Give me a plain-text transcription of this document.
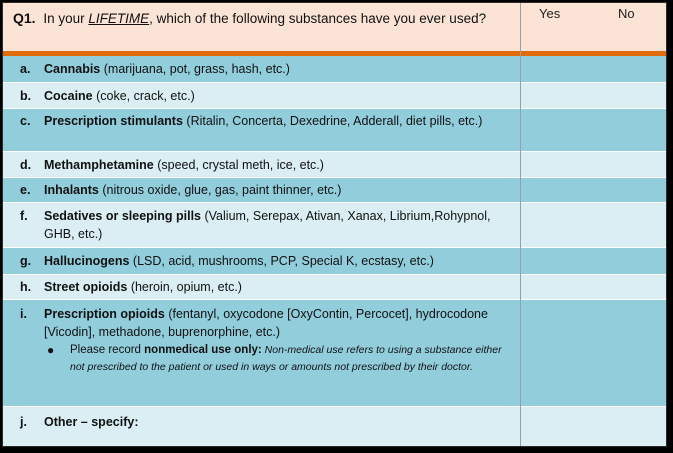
Q1. In your LIFETIME, which of the following substances have you ever used?	Yes	No
a. Cannabis (marijuana, pot, grass, hash, etc.)
b. Cocaine (coke, crack, etc.)
c. Prescription stimulants (Ritalin, Concerta, Dexedrine, Adderall, diet pills, etc.)
d. Methamphetamine (speed, crystal meth, ice, etc.)
e. Inhalants (nitrous oxide, glue, gas, paint thinner, etc.)
f. Sedatives or sleeping pills (Valium, Serepax, Ativan, Xanax, Librium,Rohypnol, GHB, etc.)
g. Hallucinogens (LSD, acid, mushrooms, PCP, Special K, ecstasy, etc.)
h. Street opioids (heroin, opium, etc.)
i. Prescription opioids (fentanyl, oxycodone [OxyContin, Percocet], hydrocodone [Vicodin], methadone, buprenorphine, etc.)
● Please record nonmedical use only: Non-medical use refers to using a substance either not prescribed to the patient or used in ways or amounts not prescribed by their doctor.
j. Other – specify:
